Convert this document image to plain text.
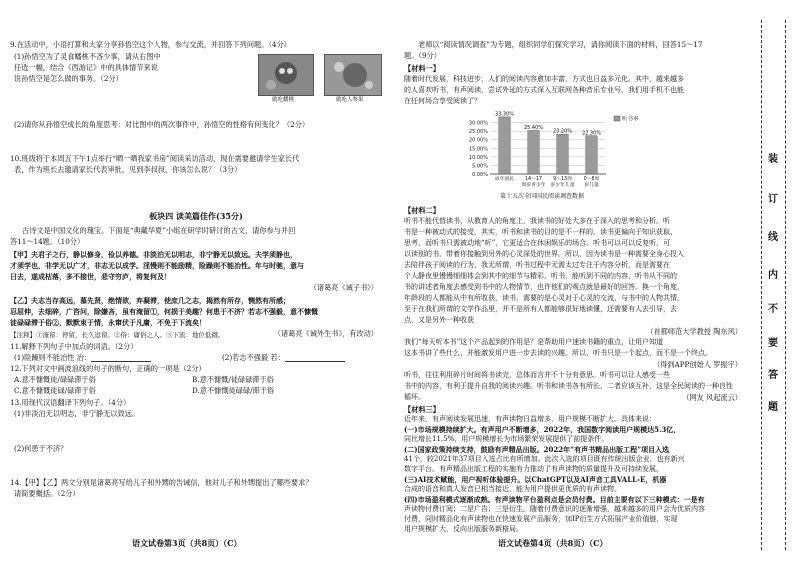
9.在活动中，小语打算和大家分享孙悟空这个人物，参与交流，并回答下列问题。（4分）
(1)孙悟空为了灵食蟠桃不吝少事，请从右图中
任选一幅，结合《西游记》中的具体情节来说
说孙悟空是怎么做的事务。（2分）
偷吃蟠桃	偷吃人参果
(2)请你从孙悟空成长的角度思考：对比图中的两次事件中，孙悟空的性格有何变化？（2分）
10.班级将于本周五下午1点举行“晒一晒我家书房”阅读采访活动，现在需要邀请学生家长代
表，作为班长去邀请家长代表审批，见到李叔叔，你该怎么说？（3分）
板块四 读美篇佳作(35分)
古诗文是中国文化的瑰宝。下面是“典藏华夏”小组在研学时研讨的古文，请你参与并回
答11～14题。（10分）
【甲】夫君子之行，静以修身，俭以养德。非淡泊无以明志，非宁静无以致远。夫学须静也，
才须学也，非学无以广才，非志无以成学。淫慢则不能励精，险躁则不能冶性。年与时驰，意与
日去，遂成枯落，多不接世，悲守穷庐，将复何及！
（诸葛亮《诫子书》）
【乙】夫志当存高远，慕先贤，绝情欲，弃凝滞，使庶几之志，揭然有所存，恻然有所感；
忍屈伸，去细碎，广咨问，除嫌吝，虽有淹留①，何损于美趣？何患于不济？若志不强毅，意不慷慨
徒碌碌滞于俗②，默默束于情，永窜伏于凡庸，不免于下流矣！
（诸葛亮《诫外生书》，有改动）
【注释】①淹留：停留，长久逗留。②俗：庸俗之人。③下流：地位低微。
11.解释下列句子中加点的词语。（2分）
(1)险躁则不能冶性 冶：	(2)若志不强毅 若：
12.下列对文中画波浪线的句子的断句，正确的一项是（2分）
A.意不慷慨徒/碌碌滞于俗	B.意不慷慨/徒碌碌滞于俗
C.意不慷慨徒碌/碌滞于俗	D.意不慷慨徒碌碌/滞于俗
13.用现代汉语翻译下列句子。（4分）
(1)非淡泊无以明志，非宁静无以致远。
(2)何患于不济？
14.【甲】【乙】两文分别是诸葛亮写给儿子和外甥的告诫信，他对儿子和外甥提出了哪些要求？
请简要概括。（2分）
语文试卷第3页（共8页）（C）
老师以“阅读情况调查”为专题，组织同学们探究学习，请你阅读下面的材料，回答15～17
题。（9分）
【材料一】
随着时代发展，科技进步，人们的阅读内容愈加丰富，方式也日益多元化。其中，越来越多
的人喜欢听书，有声阅读，尝试外延的方式深入互联网各种音乐专业号，我们用手机不也能
在任何场合享受阅读了？
30.00%
25.00%
20.00%
15.00%
10.00%
5.00%
0.00%
33.30%
成年国民
25.40%
14～17
周岁青少年
23.20%
9～13周
岁少年儿童
22.30%
0～8周
岁儿童
听书率
第十五次全国国民阅读调查数据
【材料二】
听书不能代替读书，从教育人的角度上，我读书的好处大多在于深入的思考和分析。听
书是一种被动式的接受，其实，听书和读书的目的是不一样的。读书更偏向于知识获取、
思考，而听书只需被动地“听”，它更适合在休闲娱乐的场合。听书可以可以反复听，可
以读别的书，带着你接触到另外的心灵深处的世界。所以，因为读书是一种需要全身心投入
去陪伴孩子阅读的行为，我无所谓，听书过程中无需太过专注于内容分析，而是需要在
个人静夜里慢慢细细体会到其中的细节与精彩，听书，能听到不同的内容，听书从不同的
书的讲述者角度去感受到书中的人物情节，也许他们的观点就是最好的回答。换一个角度，
年龄段的人都能从中有所收获，读书，需要的是心灵对于心灵的交流，与书中的人物共情，
至于在我们所谓的文学作品里，并不是所有人都能够很好地读懂，还需要有人去引导，去
点，又是另外一种收获
（首都师范大学教授 陶东风）
我们“每天听本书”这个产品起到的作用是？是帮助用户速读书籍的重点，让用户知道
这本书讲了些什么，并能激发用户进一步去读的兴趣。所以，听书只是一个起点，而不是一个终点。
（得到APP创始人 罗振宇）
听书，往往利用碎片时间将书读完，总体而言并不十分有意思。听书可以让人感受一些
书中的内容，有利于提升自我的阅读兴趣。听书和读书各有所长，二者应该互补，这是全民阅读的一种良性
循环。	（网友 风起流云）
【材料三】
近年来，有声阅读发展迅速，有声读物日益增多，用户规模不断扩大。具体来说：
(一)市场规模持续扩大。有声用户不断增多，2022年，我国数字阅读用户规模达5.3亿，
同比增长11.5%，用户规模增长为市场繁荣发展提供了前提条件。
(二)国家政策持续支持，鼓励有声精品出版。2022年“有声书精品出版工程”项目入选
41个，较2021年37项目入选占比有所增加。此次入选的项目既有传统出版企业，也有新兴
数字平台。有声精品出版工程的实施有力推动了有声读物的质量提升及可持续发展。
(三)AI技术赋能，用户视听体验提升。以ChatGPT以及AI声音工具VALL-E，机器
合成的语音和真人发音已相当接近，能为用户提供更优质的有声读物。
(四)市场盈利模式逐渐成熟。有声读物平台盈利点是会员付费。目前主要有以下三种模式：一是有
声读物付费订阅；二是广告；三是衍生。随着付费意识的逐渐增强，越来越多的用户会为优质内容
付费，同时精品化有声读物也在快速发展产品服务，加IP衍生方式拓展产业价值链，实现
用户规模扩大，反向出版服务新格局。
语文试卷第4页（共8页）（C）
装
订
线
内
不
要
答
题
